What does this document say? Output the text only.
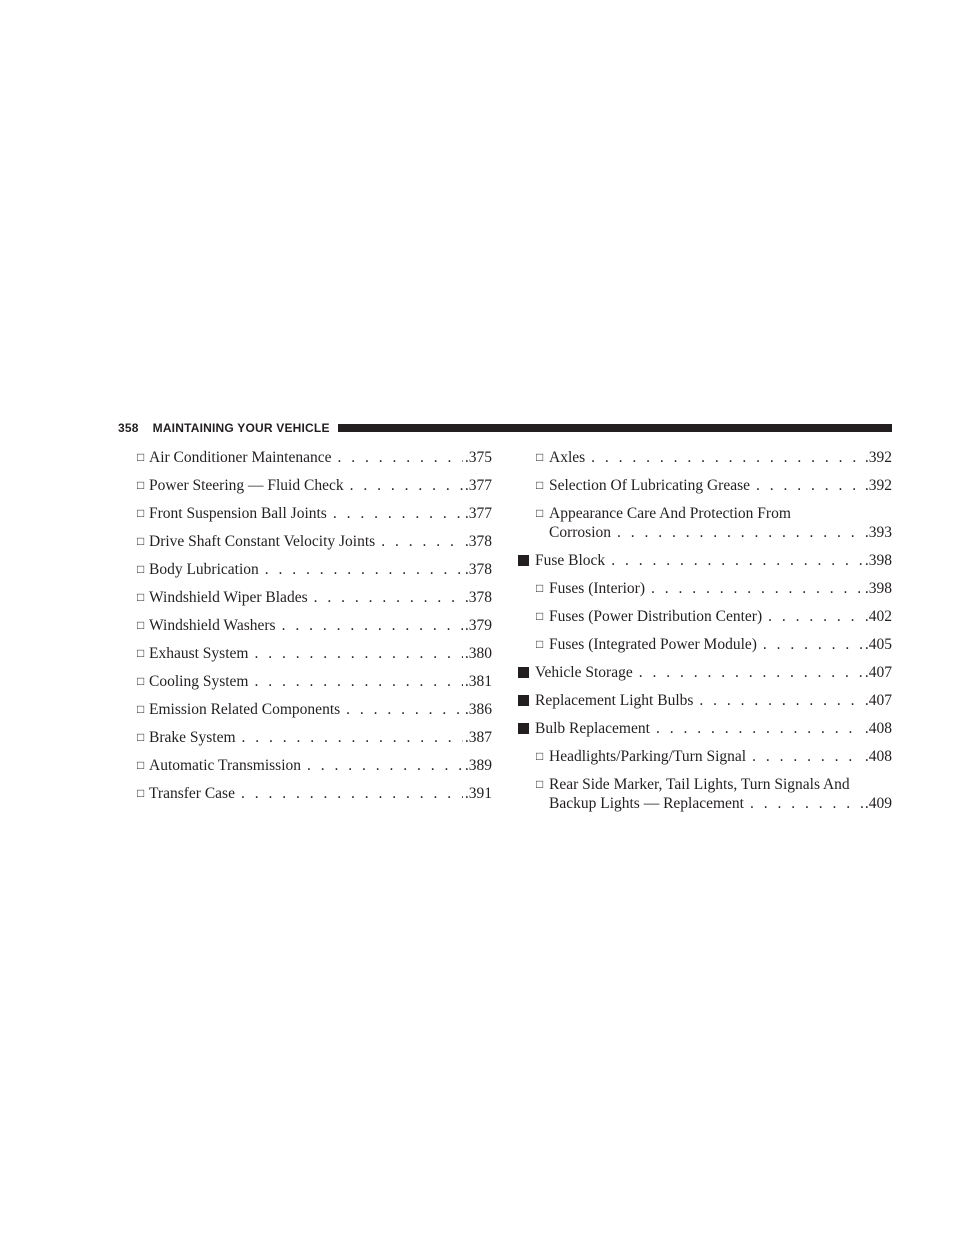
358 MAINTAINING YOUR VEHICLE
□ Air Conditioner Maintenance . . .	. 375
□ Power Steering — Fluid Check . . .	. 377
□ Front Suspension Ball Joints . . .	. 377
□ Drive Shaft Constant Velocity Joints . . .	. 378
□ Body Lubrication . . .	. 378
□ Windshield Wiper Blades . . .	. 378
□ Windshield Washers . . .	. 379
□ Exhaust System . . .	. 380
□ Cooling System . . .	. 381
□ Emission Related Components . . .	. 386
□ Brake System . . .	. 387
□ Automatic Transmission . . .	. 389
□ Transfer Case . . .	. 391
□ Axles . . .	. 392
□ Selection Of Lubricating Grease . . .	. 392
□ Appearance Care And Protection From
Corrosion . . .	. 393
Fuse Block . . .	. 398
□ Fuses (Interior) . . .	. 398
□ Fuses (Power Distribution Center) . . .	. 402
□ Fuses (Integrated Power Module) . . .	. 405
Vehicle Storage . . .	. 407
Replacement Light Bulbs . . .	. 407
Bulb Replacement . . .	. 408
□ Headlights/Parking/Turn Signal . . .	. 408
□ Rear Side Marker, Tail Lights, Turn Signals And
Backup Lights — Replacement . . .	. 409
